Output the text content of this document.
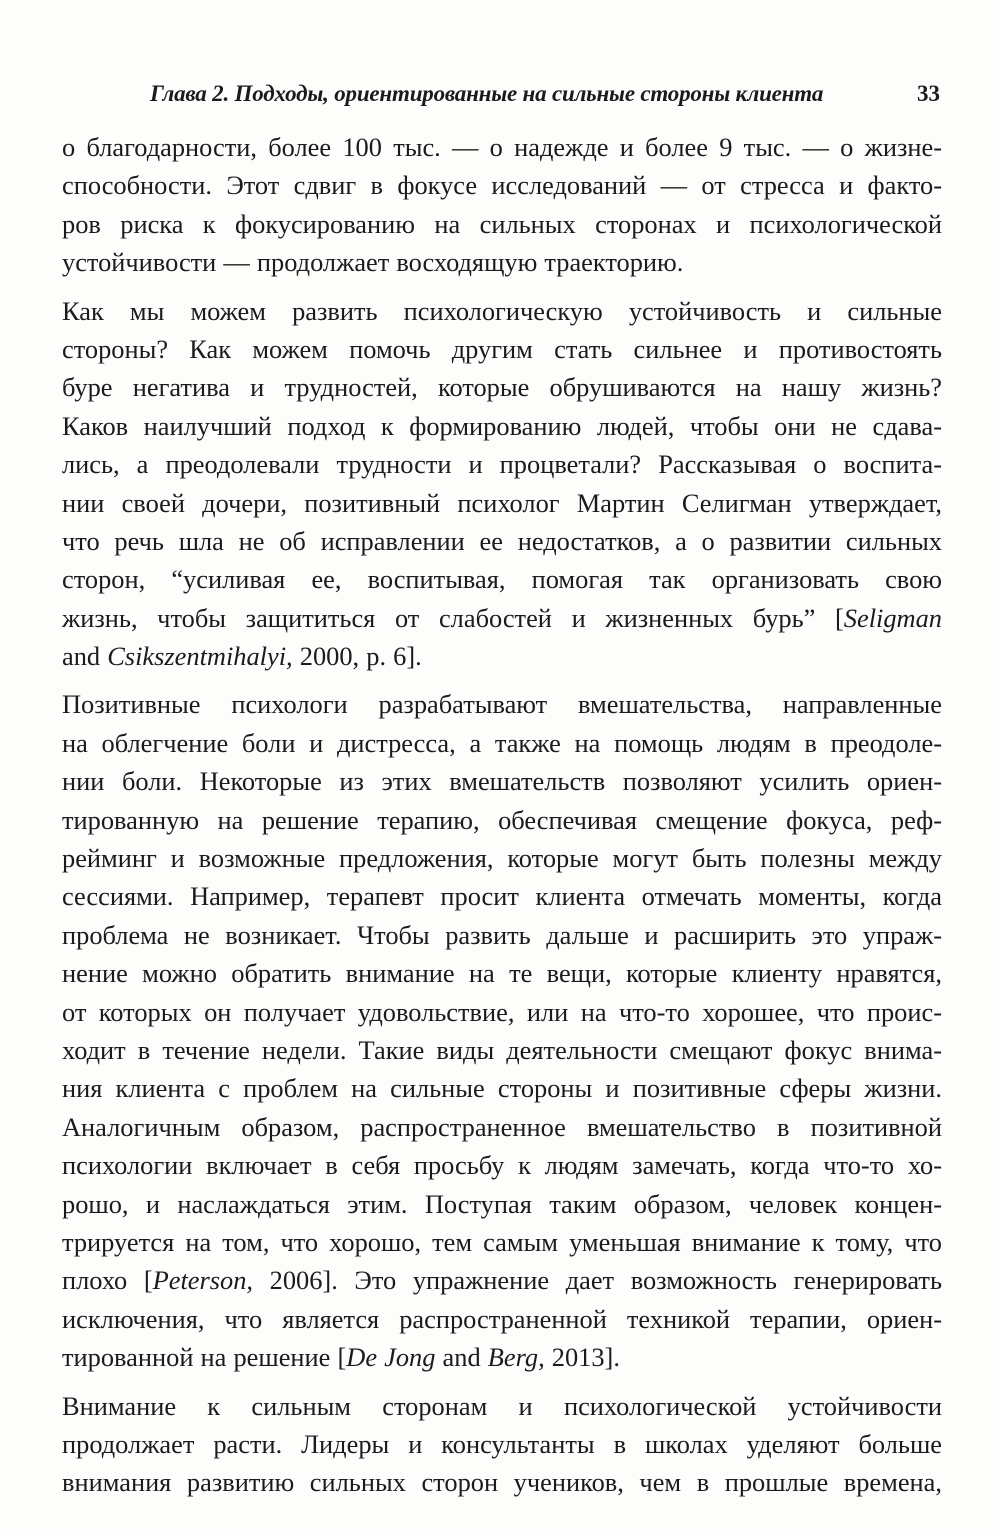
Глава 2. Подходы, ориентированные на сильные стороны клиента	33
о благодарности, более 100 тыс. — о надежде и более 9 тыс. — о жизне-
способности. Этот сдвиг в фокусе исследований — от стресса и факто-
ров риска к фокусированию на сильных сторонах и психологической
устойчивости — продолжает восходящую траекторию.
Как мы можем развить психологическую устойчивость и сильные
стороны? Как можем помочь другим стать сильнее и противостоять
буре негатива и трудностей, которые обрушиваются на нашу жизнь?
Каков наилучший подход к формированию людей, чтобы они не сдава-
лись, а преодолевали трудности и процветали? Рассказывая о воспита-
нии своей дочери, позитивный психолог Мартин Селигман утверждает,
что речь шла не об исправлении ее недостатков, а о развитии сильных
сторон, “усиливая ее, воспитывая, помогая так организовать свою
жизнь, чтобы защититься от слабостей и жизненных бурь” [Seligman
and Csikszentmihalyi, 2000, p. 6].
Позитивные психологи разрабатывают вмешательства, направленные
на облегчение боли и дистресса, а также на помощь людям в преодоле-
нии боли. Некоторые из этих вмешательств позволяют усилить ориен-
тированную на решение терапию, обеспечивая смещение фокуса, реф-
рейминг и возможные предложения, которые могут быть полезны между
сессиями. Например, терапевт просит клиента отмечать моменты, когда
проблема не возникает. Чтобы развить дальше и расширить это упраж-
нение можно обратить внимание на те вещи, которые клиенту нравятся,
от которых он получает удовольствие, или на что-то хорошее, что проис-
ходит в течение недели. Такие виды деятельности смещают фокус внима-
ния клиента с проблем на сильные стороны и позитивные сферы жизни.
Аналогичным образом, распространенное вмешательство в позитивной
психологии включает в себя просьбу к людям замечать, когда что-то хо-
рошо, и наслаждаться этим. Поступая таким образом, человек концен-
трируется на том, что хорошо, тем самым уменьшая внимание к тому, что
плохо [Peterson, 2006]. Это упражнение дает возможность генерировать
исключения, что является распространенной техникой терапии, ориен-
тированной на решение [De Jong and Berg, 2013].
Внимание к сильным сторонам и психологической устойчивости
продолжает расти. Лидеры и консультанты в школах уделяют больше
внимания развитию сильных сторон учеников, чем в прошлые времена,
